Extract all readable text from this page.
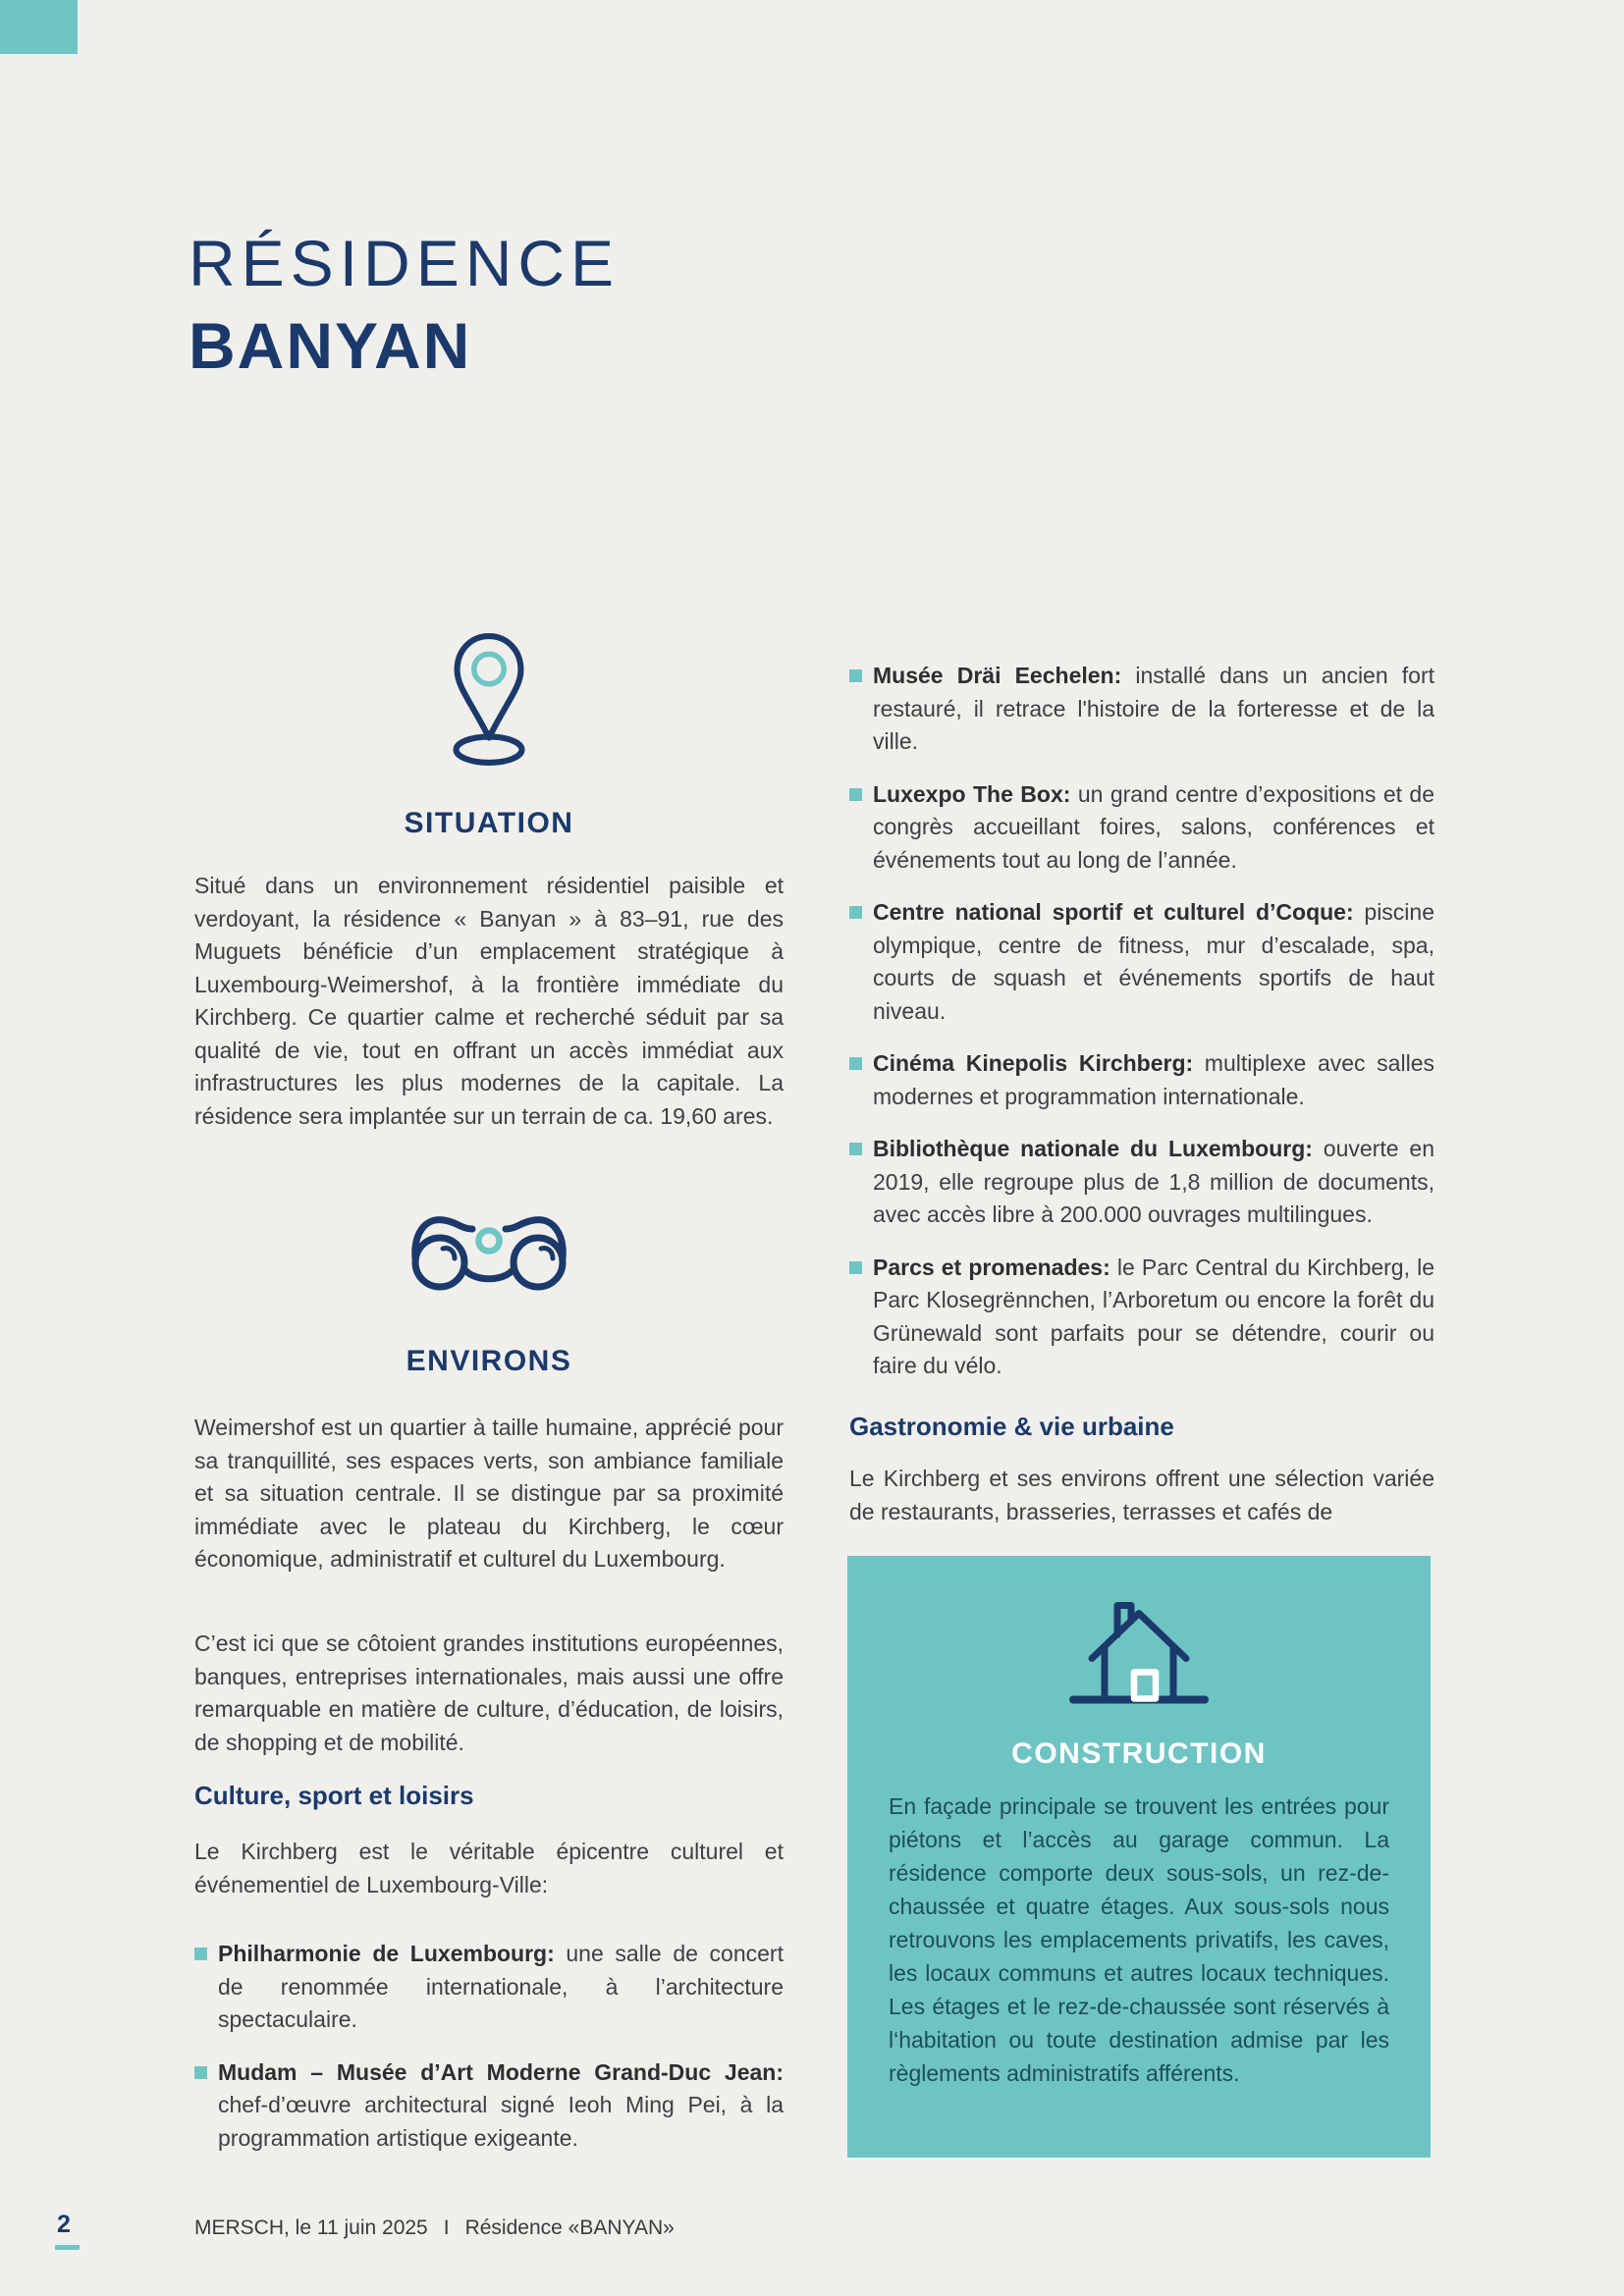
RÉSIDENCE
BANYAN
SITUATION

Situé dans un environnement résidentiel paisible et verdoyant, la résidence « Banyan » à 83–91, rue des Muguets bénéficie d’un emplacement stratégique à Luxembourg-Weimershof, à la frontière immédiate du Kirchberg. Ce quartier calme et recherché séduit par sa qualité de vie, tout en offrant un accès immédiat aux infrastructures les plus modernes de la capitale. La résidence sera implantée sur un terrain de ca. 19,60 ares.

ENVIRONS

Weimershof est un quartier à taille humaine, apprécié pour sa tranquillité, ses espaces verts, son ambiance familiale et sa situation centrale. Il se distingue par sa proximité immédiate avec le plateau du Kirchberg, le cœur économique, administratif et culturel du Luxembourg.

C’est ici que se côtoient grandes institutions européennes, banques, entreprises internationales, mais aussi une offre remarquable en matière de culture, d’éducation, de loisirs, de shopping et de mobilité.

Culture, sport et loisirs

Le Kirchberg est le véritable épicentre culturel et événementiel de Luxembourg-Ville:

Philharmonie de Luxembourg: une salle de concert de renommée internationale, à l’architecture spectaculaire.

Mudam – Musée d’Art Moderne Grand-Duc Jean: chef-d’œuvre architectural signé Ieoh Ming Pei, à la programmation artistique exigeante.

Musée Dräi Eechelen: installé dans un ancien fort restauré, il retrace l'histoire de la forteresse et de la ville.

Luxexpo The Box: un grand centre d’expositions et de congrès accueillant foires, salons, conférences et événements tout au long de l’année.

Centre national sportif et culturel d’Coque: piscine olympique, centre de fitness, mur d’escalade, spa, courts de squash et événements sportifs de haut niveau.

Cinéma Kinepolis Kirchberg: multiplexe avec salles modernes et programmation internationale.

Bibliothèque nationale du Luxembourg: ouverte en 2019, elle regroupe plus de 1,8 million de documents, avec accès libre à 200.000 ouvrages multilingues.

Parcs et promenades: le Parc Central du Kirchberg, le Parc Klosegrënnchen, l’Arboretum ou encore la forêt du Grünewald sont parfaits pour se détendre, courir ou faire du vélo.

Gastronomie & vie urbaine

Le Kirchberg et ses environs offrent une sélection variée de restaurants, brasseries, terrasses et cafés de

CONSTRUCTION

En façade principale se trouvent les entrées pour piétons et l’accès au garage commun. La résidence comporte deux sous-sols, un rez-de-chaussée et quatre étages. Aux sous-sols nous retrouvons les emplacements privatifs, les caves, les locaux communs et autres locaux techniques. Les étages et le rez-de-chaussée sont réservés à l‘habitation ou toute destination admise par les règlements administratifs afférents.

2	MERSCH, le 11 juin 2025 I Résidence «BANYAN»
